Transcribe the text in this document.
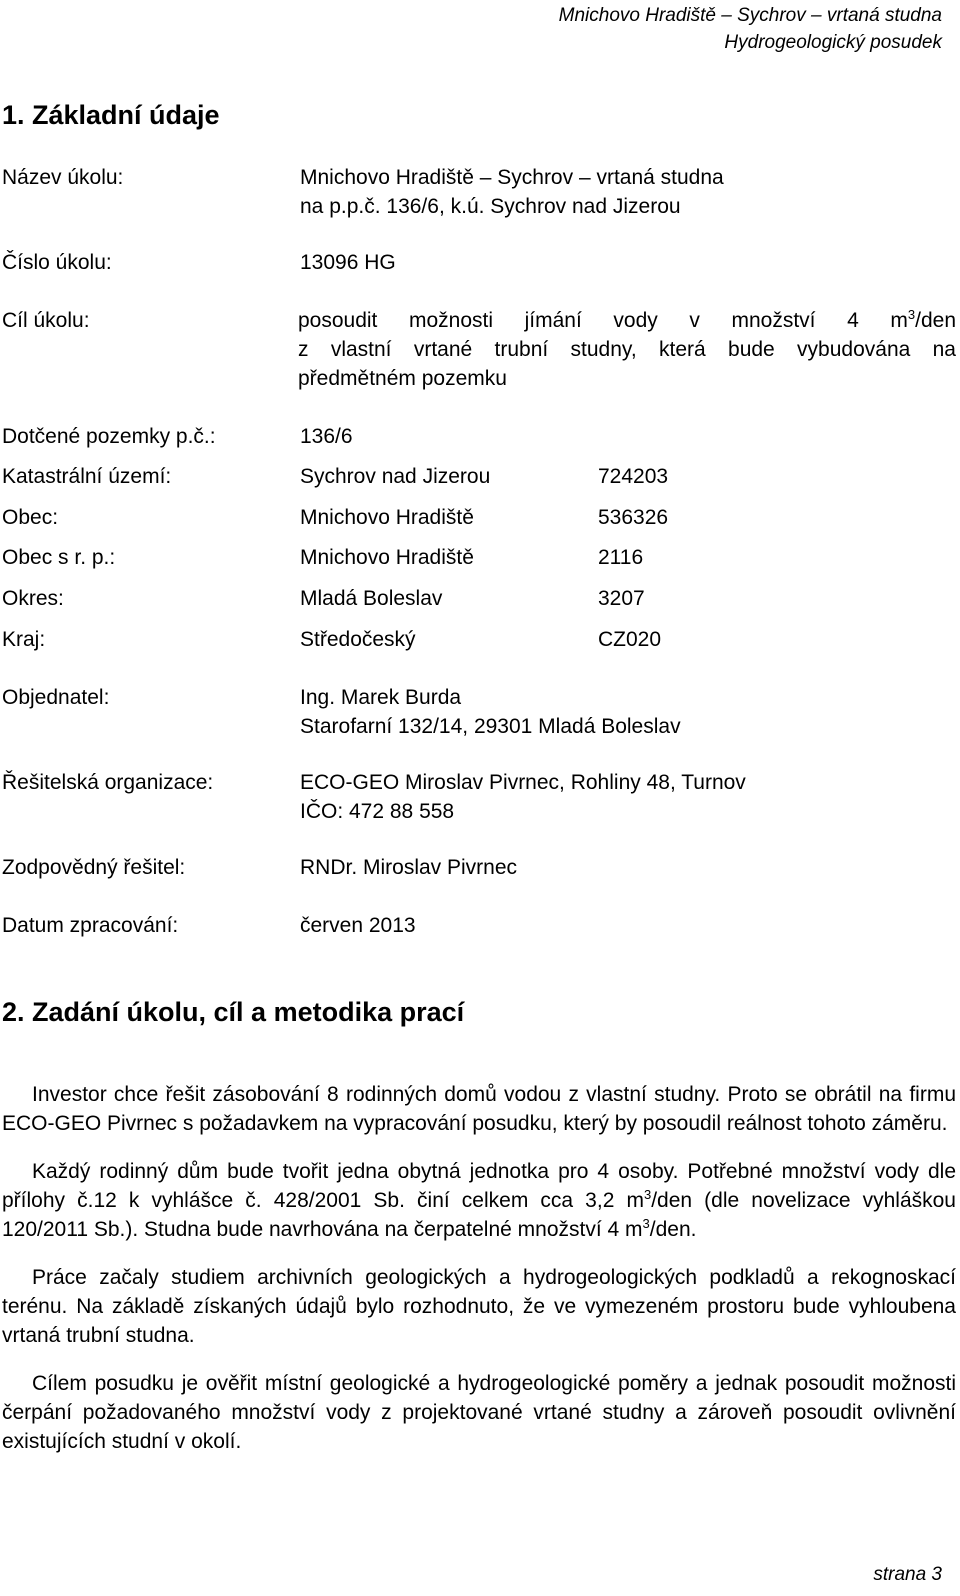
Mnichovo Hradiště – Sychrov – vrtaná studna
Hydrogeologický posudek
1. Základní údaje
Název úkolu:	Mnichovo Hradiště – Sychrov – vrtaná studna
na p.p.č. 136/6, k.ú. Sychrov nad Jizerou
Číslo úkolu:	13096 HG
Cíl úkolu:	posoudit možnosti jímání vody v množství 4 $m^3$/den
z vlastní vrtané trubní studny, která bude vybudována na
předmětném pozemku
Dotčené pozemky p.č.:	136/6
Katastrální území:	Sychrov nad Jizerou	724203
Obec:	Mnichovo Hradiště	536326
Obec s r. p.:	Mnichovo Hradiště	2116
Okres:	Mladá Boleslav	3207
Kraj:	Středočeský	CZ020
Objednatel:	Ing. Marek Burda
Starofarní 132/14, 29301 Mladá Boleslav
Řešitelská organizace:	ECO-GEO Miroslav Pivrnec, Rohliny 48, Turnov
IČO: 472 88 558
Zodpovědný řešitel:	RNDr. Miroslav Pivrnec
Datum zpracování:	červen 2013
2. Zadání úkolu, cíl a metodika prací

Investor chce řešit zásobování 8 rodinných domů vodou z vlastní studny. Proto se obrátil na firmu ECO-GEO Pivrnec s požadavkem na vypracování posudku, který by posoudil reálnost tohoto záměru.

Každý rodinný dům bude tvořit jedna obytná jednotka pro 4 osoby. Potřebné množství vody dle přílohy č.12 k vyhlášce č. 428/2001 Sb. činí celkem cca 3,2 $m^3$/den (dle novelizace vyhláškou 120/2011 Sb.). Studna bude navrhována na čerpatelné množství 4 $m^3$/den.

Práce začaly studiem archivních geologických a hydrogeologických podkladů a rekognoskací terénu. Na základě získaných údajů bylo rozhodnuto, že ve vymezeném prostoru bude vyhloubena vrtaná trubní studna.

Cílem posudku je ověřit místní geologické a hydrogeologické poměry a jednak posoudit možnosti čerpání požadovaného množství vody z projektované vrtané studny a zároveň posoudit ovlivnění existujících studní v okolí.

strana 3
